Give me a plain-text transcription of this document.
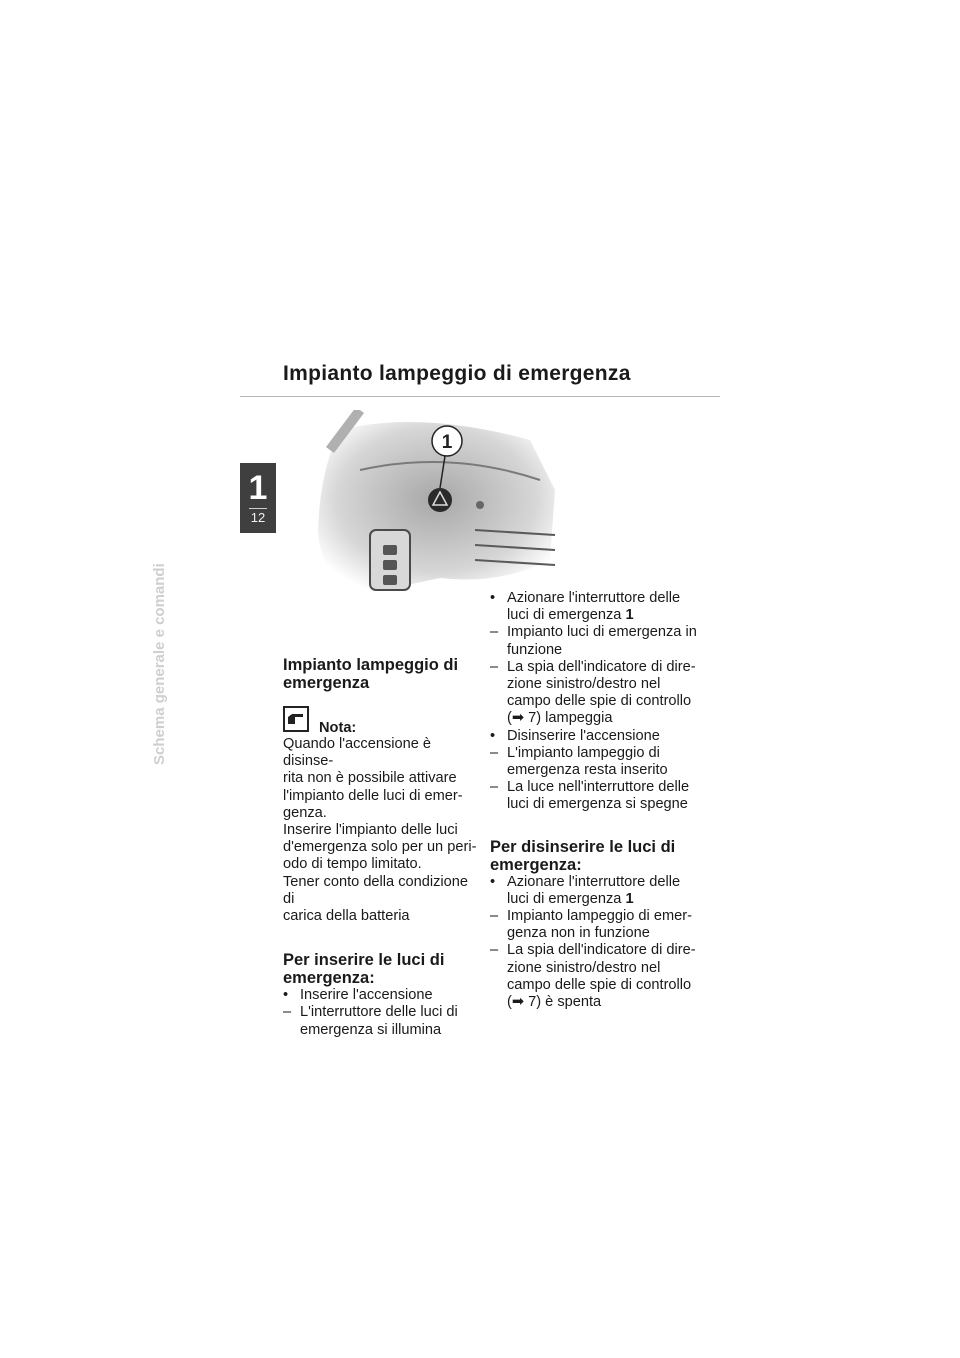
Impianto lampeggio di emergenza
1
12
Schema generale e comandi
1
Impianto lampeggio di
emergenza
Nota:

Quando l'accensione è disinse-

rita non è possibile attivare

l'impianto delle luci di emer-

genza.

Inserire l'impianto delle luci

d'emergenza solo per un peri-

odo di tempo limitato.

Tener conto della condizione di

carica della batteria

Per inserire le luci di
emergenza:

• Inserire l'accensione

– L'interruttore delle luci di emergenza si illumina

• Azionare l'interruttore delle luci di emergenza 1

– Impianto luci di emergenza in funzione

– La spia dell'indicatore di dire- zione sinistro/destro nel campo delle spie di controllo (➡ 7) lampeggia

• Disinserire l'accensione

– L'impianto lampeggio di emergenza resta inserito

– La luce nell'interruttore delle luci di emergenza si spegne

Per disinserire le luci di
emergenza:

• Azionare l'interruttore delle luci di emergenza 1

– Impianto lampeggio di emer- genza non in funzione

– La spia dell'indicatore di dire- zione sinistro/destro nel campo delle spie di controllo (➡ 7) è spenta
